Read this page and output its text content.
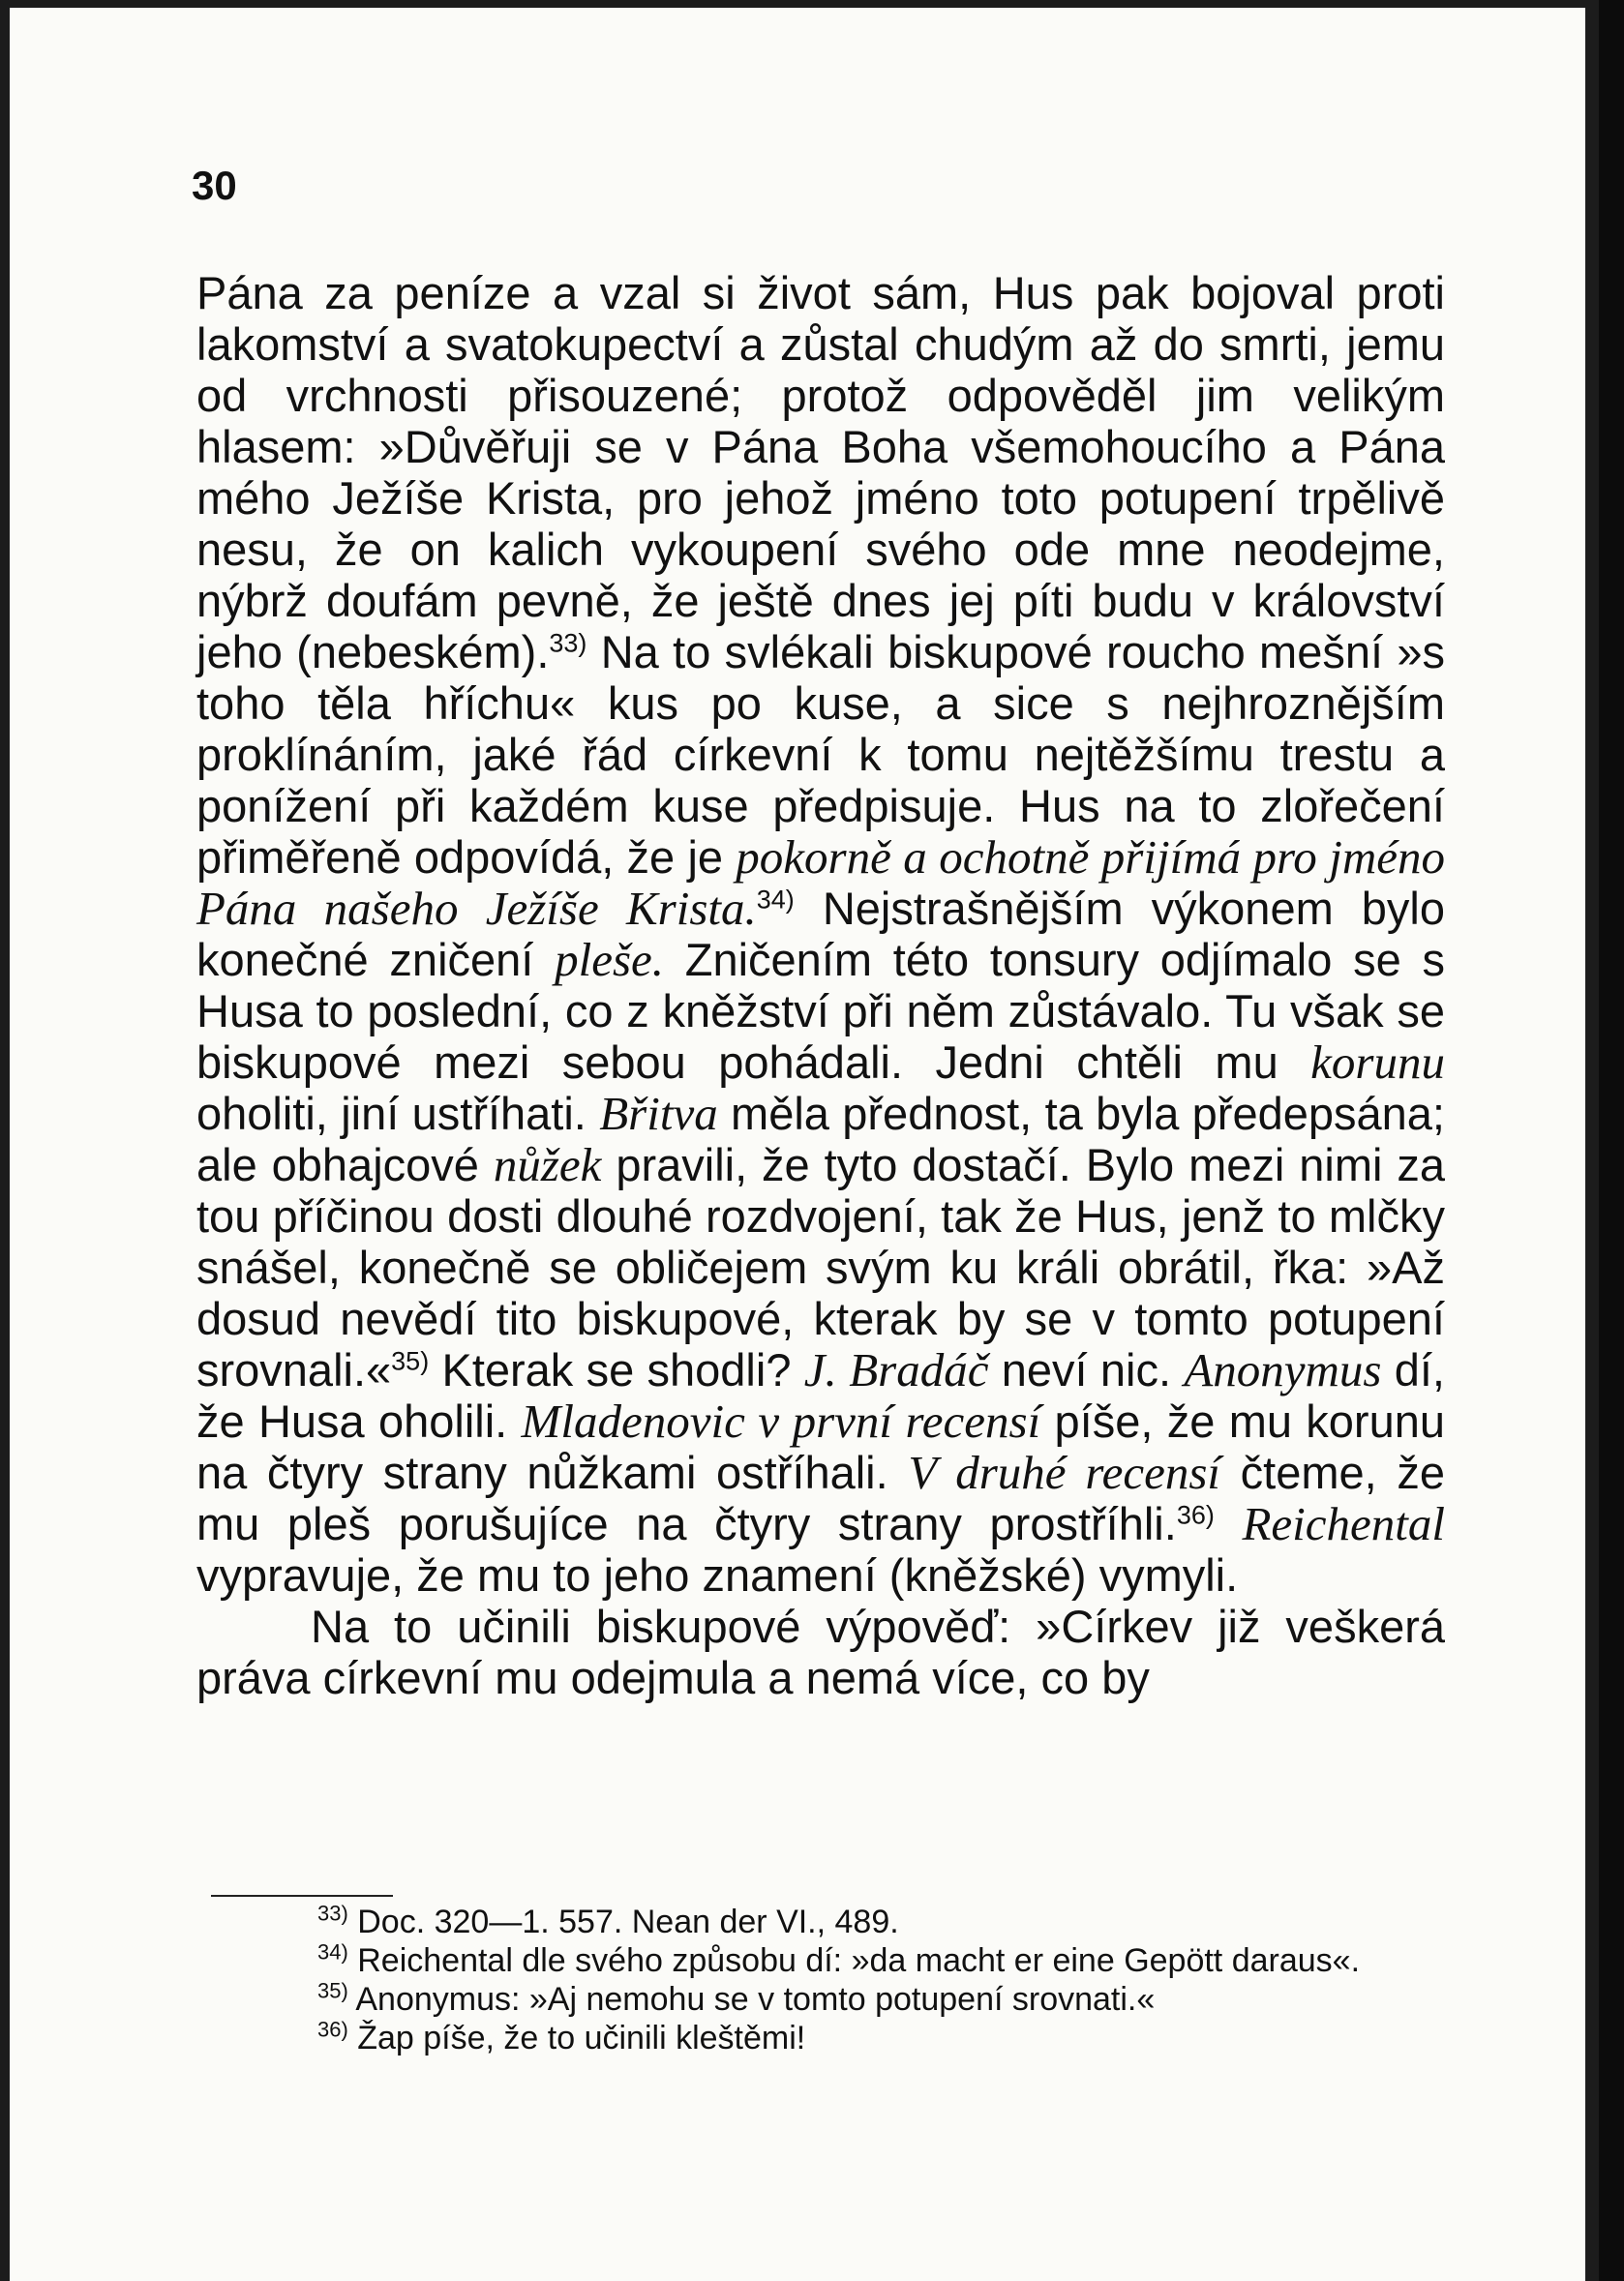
30

Pána za peníze a vzal si život sám, Hus pak bojoval proti lakomství a svatokupectví a zůstal chudým až do smrti, jemu od vrchnosti přisouzené; protož odpověděl jim velikým hlasem: »Důvěřuji se v Pána Boha všemohoucího a Pána mého Ježíše Krista, pro jehož jméno toto potupení trpělivě nesu, že on kalich vykoupení svého ode mne neodejme, nýbrž doufám pevně, že ještě dnes jej píti budu v království jeho (nebeském).$^{33)}$ Na to svlékali biskupové roucho mešní »s toho těla hříchu« kus po kuse, a sice s nejhroznějším proklínáním, jaké řád církevní k tomu nejtěžšímu trestu a ponížení při každém kuse předpisuje. Hus na to zlořečení přiměřeně odpovídá, že je pokorně a ochotně přijímá pro jméno Pána našeho Ježíše Krista.$^{34)}$ Nejstrašnějším výkonem bylo konečné zničení pleše. Zničením této tonsury odjímalo se s Husa to poslední, co z kněžství při něm zůstávalo. Tu však se biskupové mezi sebou pohádali. Jedni chtěli mu korunu oholiti, jiní ustříhati. Břitva měla přednost, ta byla předepsána; ale obhajcové nůžek pravili, že tyto dostačí. Bylo mezi nimi za tou příčinou dosti dlouhé rozdvojení, tak že Hus, jenž to mlčky snášel, konečně se obličejem svým ku králi obrátil, řka: »Až dosud nevědí tito biskupové, kterak by se v tomto potupení srovnali.«$^{35)}$ Kterak se shodli? J. Bradáč neví nic. Anonymus dí, že Husa oholili. Mladenovic v první recensí píše, že mu korunu na čtyry strany nůžkami ostříhali. V druhé recensí čteme, že mu pleš porušujíce na čtyry strany prostříhli.$^{36)}$ Reichental vypravuje, že mu to jeho znamení (kněžské) vymyli.

Na to učinili biskupové výpověď: »Církev již veškerá práva církevní mu odejmula a nemá více, co by

$^{33)}$ Doc. 320—1. 557. Nean der VI., 489.

$^{34)}$ Reichental dle svého způsobu dí: »da macht er eine Gepött daraus«.

$^{35)}$ Anonymus: »Aj nemohu se v tomto potupení srovnati.«

$^{36)}$ Žap píše, že to učinili kleštěmi!
